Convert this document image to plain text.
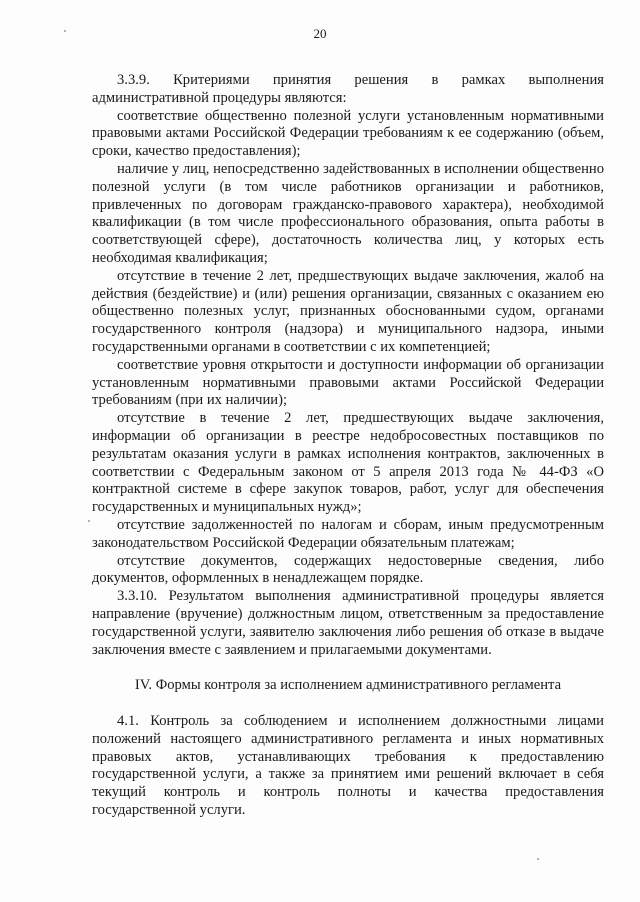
20

3.3.9. Критериями принятия решения в рамках выполнения административной процедуры являются:

соответствие общественно полезной услуги установленным нормативными правовыми актами Российской Федерации требованиям к ее содержанию (объем, сроки, качество предоставления);

наличие у лиц, непосредственно задействованных в исполнении общественно полезной услуги (в том числе работников организации и работников, привлеченных по договорам гражданско-правового характера), необходимой квалификации (в том числе профессионального образования, опыта работы в соответствующей сфере), достаточность количества лиц, у которых есть необходимая квалификация;

отсутствие в течение 2 лет, предшествующих выдаче заключения, жалоб на действия (бездействие) и (или) решения организации, связанных с оказанием ею общественно полезных услуг, признанных обоснованными судом, органами государственного контроля (надзора) и муниципального надзора, иными государственными органами в соответствии с их компетенцией;

соответствие уровня открытости и доступности информации об организации установленным нормативными правовыми актами Российской Федерации требованиям (при их наличии);

отсутствие в течение 2 лет, предшествующих выдаче заключения, информации об организации в реестре недобросовестных поставщиков по результатам оказания услуги в рамках исполнения контрактов, заключенных в соответствии с Федеральным законом от 5 апреля 2013 года № 44-ФЗ «О контрактной системе в сфере закупок товаров, работ, услуг для обеспечения государственных и муниципальных нужд»;

отсутствие задолженностей по налогам и сборам, иным предусмотренным законодательством Российской Федерации обязательным платежам;

отсутствие документов, содержащих недостоверные сведения, либо документов, оформленных в ненадлежащем порядке.

3.3.10. Результатом выполнения административной процедуры является направление (вручение) должностным лицом, ответственным за предоставление государственной услуги, заявителю заключения либо решения об отказе в выдаче заключения вместе с заявлением и прилагаемыми документами.

IV. Формы контроля за исполнением административного регламента

4.1. Контроль за соблюдением и исполнением должностными лицами положений настоящего административного регламента и иных нормативных правовых актов, устанавливающих требования к предоставлению государственной услуги, а также за принятием ими решений включает в себя текущий контроль и контроль полноты и качества предоставления государственной услуги.
